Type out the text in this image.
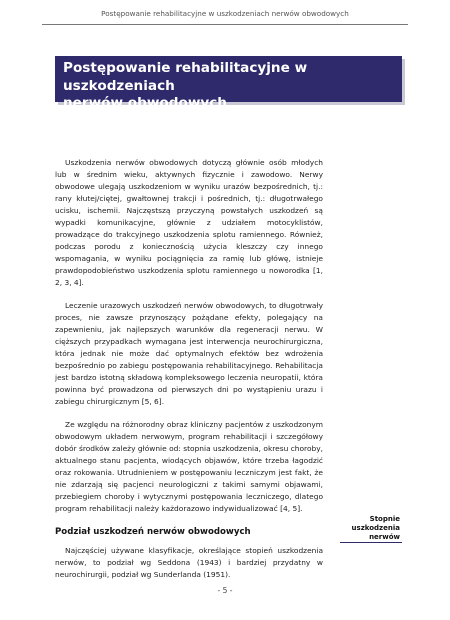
Postępowanie rehabilitacyjne w uszkodzeniach nerwów obwodowych
Postępowanie rehabilitacyjne w uszkodzeniach
nerwów obwodowych

Uszkodzenia nerwów obwodowych dotyczą głównie osób młodych lub w średnim wieku, aktywnych fizycznie i zawodowo. Nerwy obwodowe ulegają uszkodzeniom w wyniku urazów bezpośrednich, tj.: rany kłutej/ciętej, gwałtownej trakcji i pośrednich, tj.: długotrwałego ucisku, ischemii. Najczęstszą przyczyną powstałych uszkodzeń są wypadki komunikacyjne, głównie z udziałem motocyklistów, prowadzące do trakcyjnego uszkodzenia splotu ramiennego. Również, podczas porodu z koniecznością użycia kleszczy czy innego wspomagania, w wyniku pociągnięcia za ramię lub główę, istnieje prawdopodobieństwo uszkodzenia splotu ramiennego u noworodka [1, 2, 3, 4].

Leczenie urazowych uszkodzeń nerwów obwodowych, to długotrwały proces, nie zawsze przynoszący pożądane efekty, polegający na zapewnieniu, jak najlepszych warunków dla regeneracji nerwu. W cięższych przypadkach wymagana jest interwencja neurochirurgiczna, która jednak nie może dać optymalnych efektów bez wdrożenia bezpośrednio po zabiegu postępowania rehabilitacyjnego. Rehabilitacja jest bardzo istotną składową kompleksowego leczenia neuropatii, która powinna być prowadzona od pierwszych dni po wystąpieniu urazu i zabiegu chirurgicznym [5, 6].

Ze względu na różnorodny obraz kliniczny pacjentów z uszkodzonym obwodowym układem nerwowym, program rehabilitacji i szczegółowy dobór środków zależy głównie od: stopnia uszkodzenia, okresu choroby, aktualnego stanu pacjenta, wiodących objawów, które trzeba łagodzić oraz rokowania. Utrudnieniem w postępowaniu leczniczym jest fakt, że nie zdarzają się pacjenci neurologiczni z takimi samymi objawami, przebiegiem choroby i wytycznymi postępowania leczniczego, dlatego program rehabilitacji należy każdorazowo indywidualizować [4, 5].

Podział uszkodzeń nerwów obwodowych

Najczęściej używane klasyfikacje, określające stopień uszkodzenia nerwów, to podział wg Seddona (1943) i bardziej przydatny w neurochirurgii, podział wg Sunderlanda (1951).

Stopnie
uszkodzenia
nerwów
- 5 -
